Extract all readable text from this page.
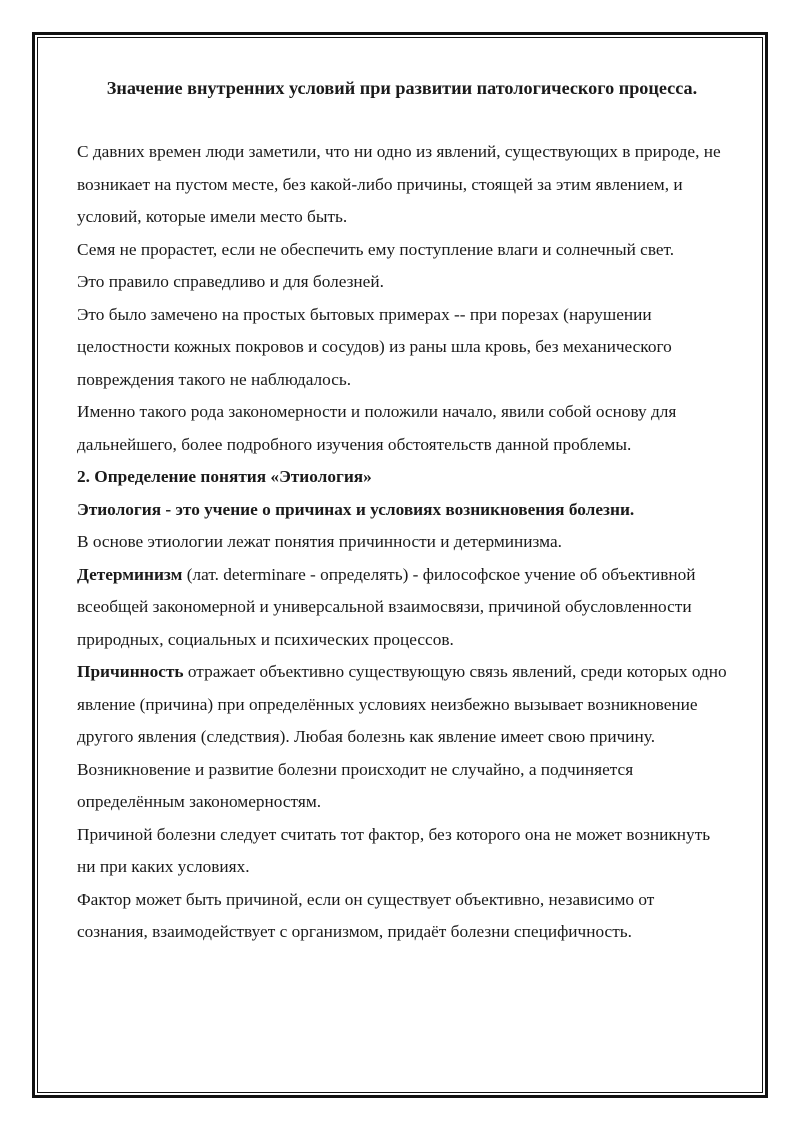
Значение внутренних условий при развитии патологического процесса.

С давних времен люди заметили, что ни одно из явлений, существующих в природе, не возникает на пустом месте, без какой-либо причины, стоящей за этим явлением, и условий, которые имели место быть.

Семя не прорастет, если не обеспечить ему поступление влаги и солнечный свет.

Это правило справедливо и для болезней.

Это было замечено на простых бытовых примерах -- при порезах (нарушении целостности кожных покровов и сосудов) из раны шла кровь, без механического повреждения такого не наблюдалось.

Именно такого рода закономерности и положили начало, явили собой основу для дальнейшего, более подробного изучения обстоятельств данной проблемы.

2. Определение понятия «Этиология»

Этиология - это учение о причинах и условиях возникновения болезни.

В основе этиологии лежат понятия причинности и детерминизма.

Детерминизм (лат. determinare - определять) - философское учение об объективной всеобщей закономерной и универсальной взаимосвязи, причиной обусловленности природных, социальных и психических процессов.

Причинность отражает объективно существующую связь явлений, среди которых одно явление (причина) при определённых условиях неизбежно вызывает возникновение другого явления (следствия). Любая болезнь как явление имеет свою причину.

Возникновение и развитие болезни происходит не случайно, а подчиняется определённым закономерностям.

Причиной болезни следует считать тот фактор, без которого она не может возникнуть ни при каких условиях.

Фактор может быть причиной, если он существует объективно, независимо от сознания, взаимодействует с организмом, придаёт болезни специфичность.
